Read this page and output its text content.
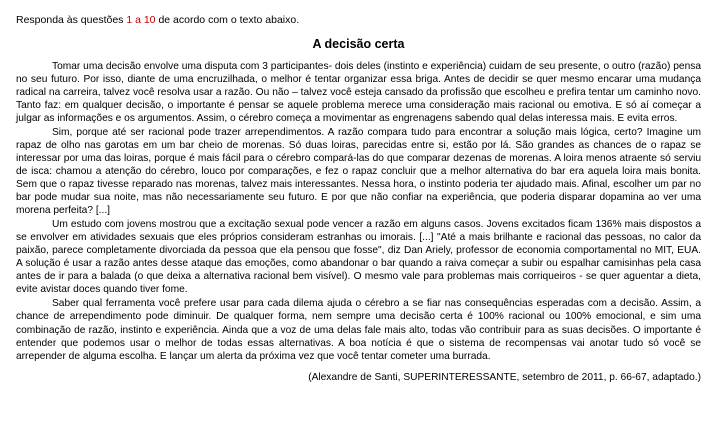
Responda às questões 1 a 10 de acordo com o texto abaixo.

A decisão certa

Tomar uma decisão envolve uma disputa com 3 participantes- dois deles (instinto e experiência) cuidam de seu presente, o outro (razão) pensa no seu futuro. Por isso, diante de uma encruzilhada, o melhor é tentar organizar essa briga. Antes de decidir se quer mesmo encarar uma mudança radical na carreira, talvez você resolva usar a razão. Ou não – talvez você esteja cansado da profissão que escolheu e prefira tentar um caminho novo. Tanto faz: em qualquer decisão, o importante é pensar se aquele problema merece uma consideração mais racional ou emotiva. E só aí começar a julgar as informações e os argumentos. Assim, o cérebro começa a movimentar as engrenagens sabendo qual delas interessa mais. E evita erros.

Sim, porque até ser racional pode trazer arrependimentos. A razão compara tudo para encontrar a solução mais lógica, certo? Imagine um rapaz de olho nas garotas em um bar cheio de morenas. Só duas loiras, parecidas entre si, estão por lá. São grandes as chances de o rapaz se interessar por uma das loiras, porque é mais fácil para o cérebro compará-las do que comparar dezenas de morenas. A loira menos atraente só serviu de isca: chamou a atenção do cérebro, louco por comparações, e fez o rapaz concluir que a melhor alternativa do bar era aquela loira mais bonita. Sem que o rapaz tivesse reparado nas morenas, talvez mais interessantes. Nessa hora, o instinto poderia ter ajudado mais. Afinal, escolher um par no bar pode mudar sua noite, mas não necessariamente seu futuro. E por que não confiar na experiência, que poderia disparar dopamina ao ver uma morena perfeita? [...]

Um estudo com jovens mostrou que a excitação sexual pode vencer a razão em alguns casos. Jovens excitados ficam 136% mais dispostos a se envolver em atividades sexuais que eles próprios consideram estranhas ou imorais. [...] "Até a mais brilhante e racional das pessoas, no calor da paixão, parece completamente divorciada da pessoa que ela pensou que fosse", diz Dan Ariely, professor de economia comportamental no MIT, EUA. A solução é usar a razão antes desse ataque das emoções, como abandonar o bar quando a raiva começar a subir ou espalhar camisinhas pela casa antes de ir para a balada (o que deixa a alternativa racional bem visível). O mesmo vale para problemas mais corriqueiros - se quer aguentar a dieta, evite avistar doces quando tiver fome.

Saber qual ferramenta você prefere usar para cada dilema ajuda o cérebro a se fiar nas consequências esperadas com a decisão. Assim, a chance de arrependimento pode diminuir. De qualquer forma, nem sempre uma decisão certa é 100% racional ou 100% emocional, e sim uma combinação de razão, instinto e experiência. Ainda que a voz de uma delas fale mais alto, todas vão contribuir para as suas decisões. O importante é entender que podemos usar o melhor de todas essas alternativas. A boa notícia é que o sistema de recompensas vai anotar tudo só você se arrepender de alguma escolha. E lançar um alerta da próxima vez que você tentar cometer uma burrada.

(Alexandre de Santi, SUPERINTERESSANTE, setembro de 2011, p. 66-67, adaptado.)
